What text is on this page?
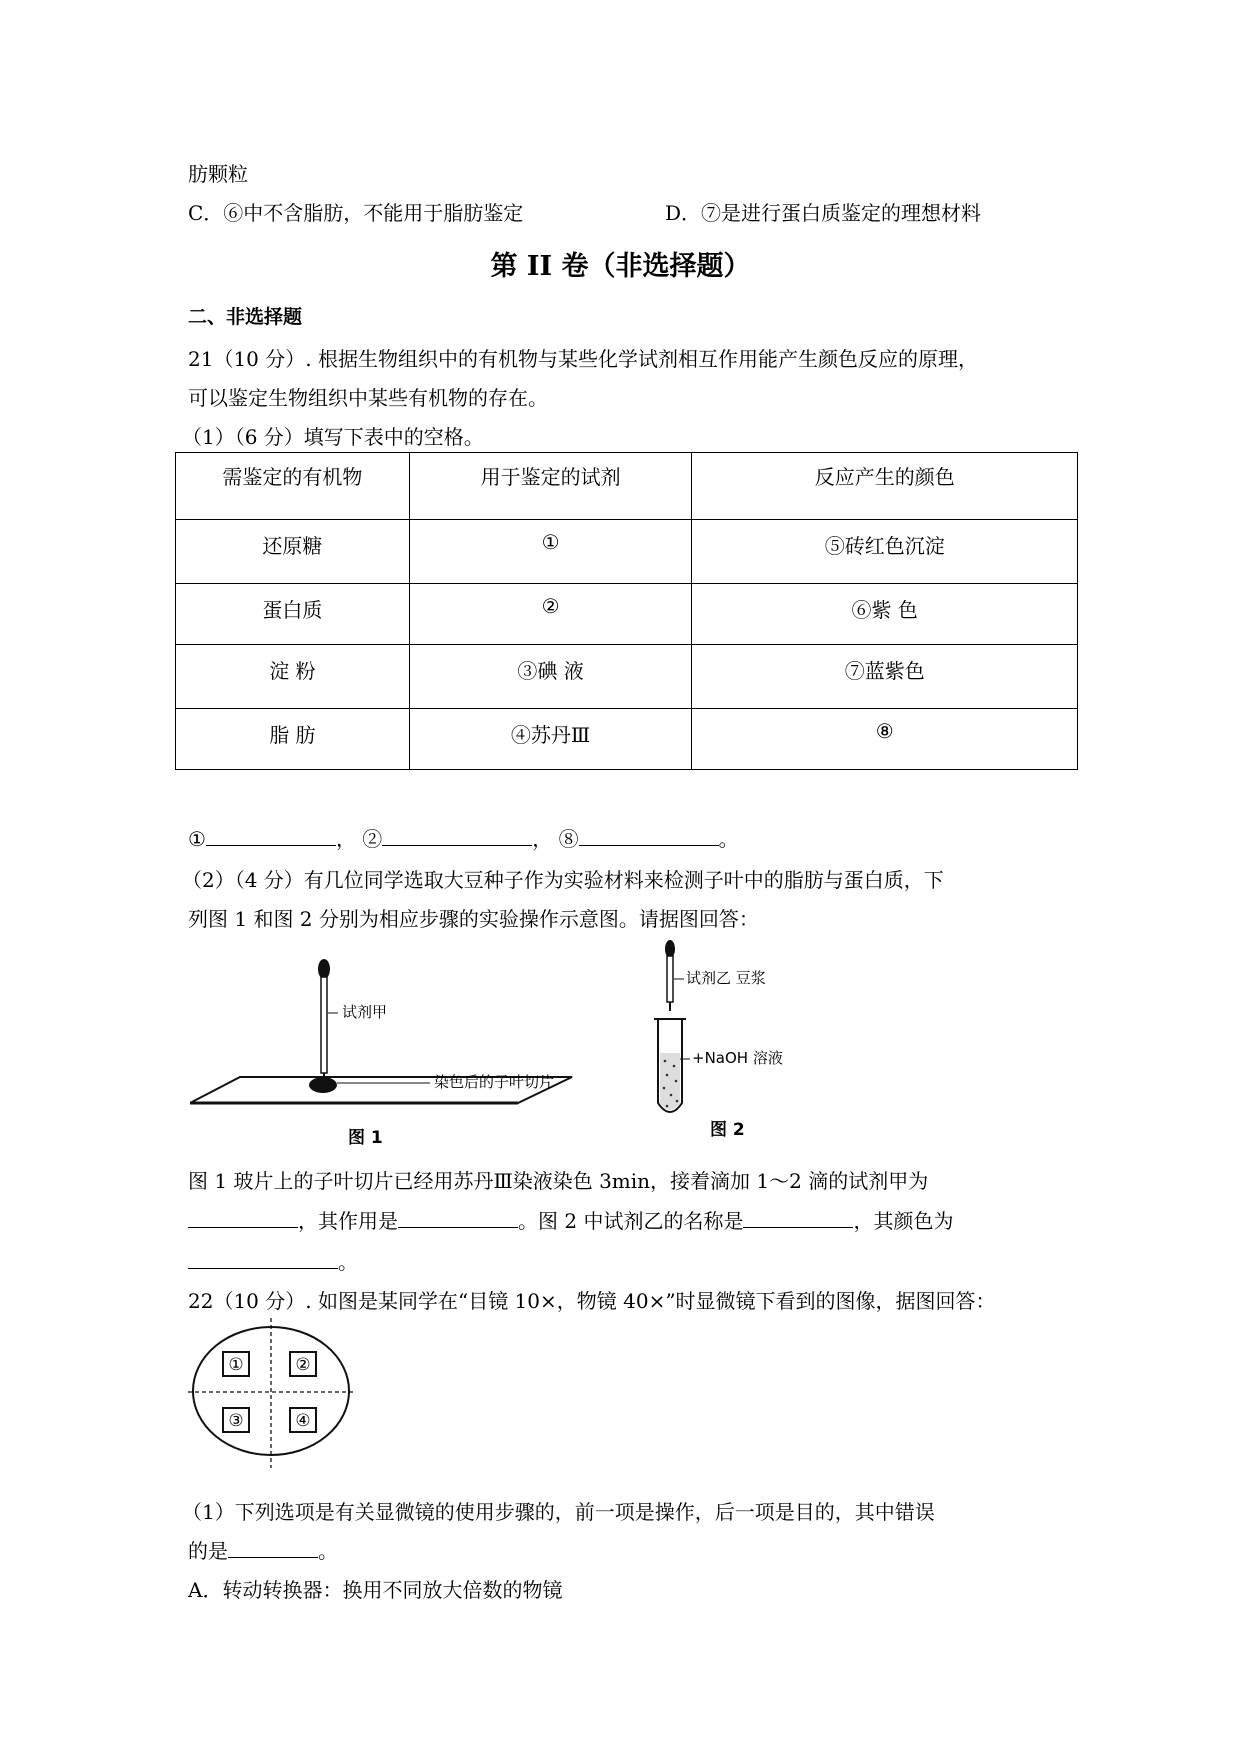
肪颗粒
C．⑥中不含脂肪，不能用于脂肪鉴定	D．⑦是进行蛋白质鉴定的理想材料
第 II 卷（非选择题）
二、非选择题
21（10 分）. 根据生物组织中的有机物与某些化学试剂相互作用能产生颜色反应的原理，
可以鉴定生物组织中某些有机物的存在。
（1）（6 分）填写下表中的空格。
需鉴定的有机物	用于鉴定的试剂	反应产生的颜色
还原糖	①	⑤砖红色沉淀
蛋白质	②	⑥紫 色
淀 粉	③碘 液	⑦蓝紫色
脂 肪	④苏丹Ⅲ	⑧
①	， ②	， ⑧	。
（2）（4 分）有几位同学选取大豆种子作为实验材料来检测子叶中的脂肪与蛋白质，下
列图 1 和图 2 分别为相应步骤的实验操作示意图。请据图回答：
试剂甲
染色后的子叶切片
图 1
试剂乙 豆浆
+NaOH 溶液
图 2
图 1 玻片上的子叶切片已经用苏丹Ⅲ染液染色 3min，接着滴加 1～2 滴的试剂甲为
，其作用是	。图 2 中试剂乙的名称是	，其颜色为
。
22（10 分）. 如图是某同学在“目镜 10×，物镜 40×”时显微镜下看到的图像，据图回答：
①	②
③	④
（1）下列选项是有关显微镜的使用步骤的，前一项是操作，后一项是目的，其中错误
的是	。
A．转动转换器：换用不同放大倍数的物镜
